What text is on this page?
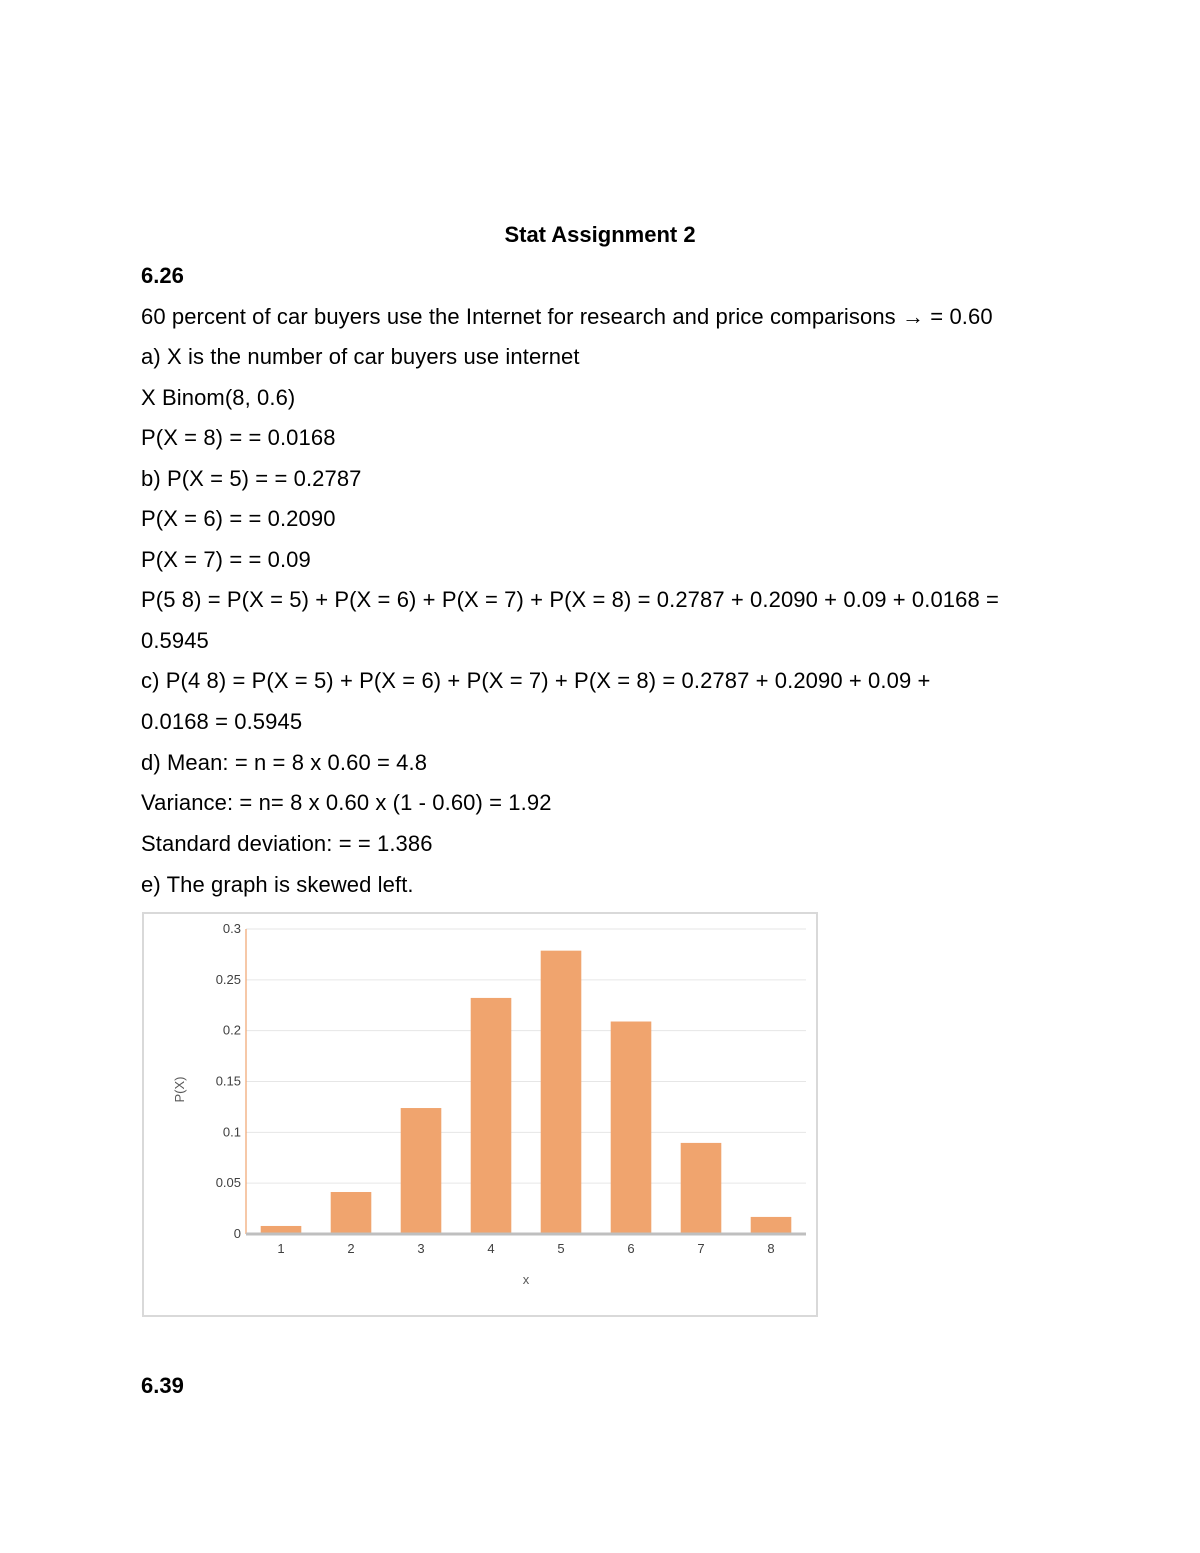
Stat Assignment 2
6.26
60 percent of car buyers use the Internet for research and price comparisons → = 0.60
a) X is the number of car buyers use internet
X Binom(8, 0.6)
P(X = 8) = = 0.0168
b) P(X = 5) = = 0.2787
P(X = 6) = = 0.2090
P(X = 7) = = 0.09
P(5 8) = P(X = 5) + P(X = 6) + P(X = 7) + P(X = 8) = 0.2787 + 0.2090 + 0.09 + 0.0168 =
0.5945
c) P(4 8) = P(X = 5) + P(X = 6) + P(X = 7) + P(X = 8) = 0.2787 + 0.2090 + 0.09 +
0.0168 = 0.5945
d) Mean: = n = 8 x 0.60 = 4.8
Variance: = n= 8 x 0.60 x (1 - 0.60) = 1.92
Standard deviation: = = 1.386
e) The graph is skewed left.
0
0.05
0.1
0.15
0.2
0.25
0.3
1	2	3	4	5	6	7	8
x
P(X)
6.39
